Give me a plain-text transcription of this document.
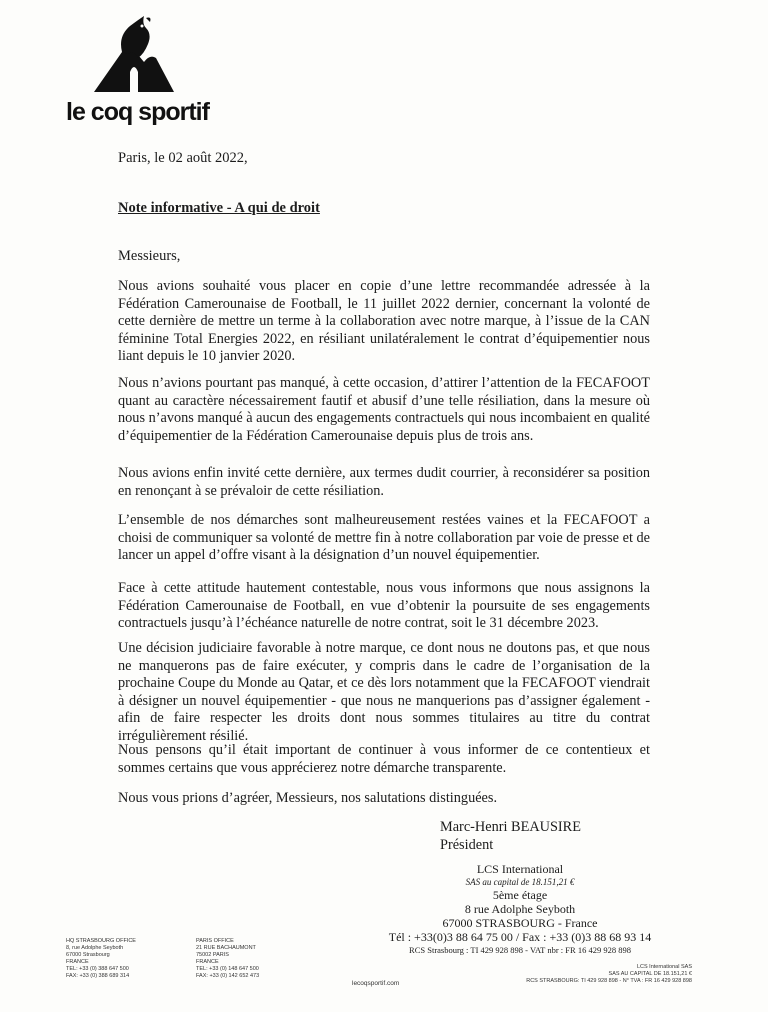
le coq sportif
Paris, le 02 août 2022,
Note informative - A qui de droit
Messieurs,
Nous avions souhaité vous placer en copie d’une lettre recommandée adressée à la Fédération Camerounaise de Football, le 11 juillet 2022 dernier, concernant la volonté de cette dernière de mettre un terme à la collaboration avec notre marque, à l’issue de la CAN féminine Total Energies 2022, en résiliant unilatéralement le contrat d’équipementier nous liant depuis le 10 janvier 2020.
Nous n’avions pourtant pas manqué, à cette occasion, d’attirer l’attention de la FECAFOOT quant au caractère nécessairement fautif et abusif d’une telle résiliation, dans la mesure où nous n’avons manqué à aucun des engagements contractuels qui nous incombaient en qualité d’équipementier de la Fédération Camerounaise depuis plus de trois ans.
Nous avions enfin invité cette dernière, aux termes dudit courrier, à reconsidérer sa position en renonçant à se prévaloir de cette résiliation.
L’ensemble de nos démarches sont malheureusement restées vaines et la FECAFOOT a choisi de communiquer sa volonté de mettre fin à notre collaboration par voie de presse et de lancer un appel d’offre visant à la désignation d’un nouvel équipementier.
Face à cette attitude hautement contestable, nous vous informons que nous assignons la Fédération Camerounaise de Football, en vue d’obtenir la poursuite de ses engagements contractuels jusqu’à l’échéance naturelle de notre contrat, soit le 31 décembre 2023.
Une décision judiciaire favorable à notre marque, ce dont nous ne doutons pas, et que nous ne manquerons pas de faire exécuter, y compris dans le cadre de l’organisation de la prochaine Coupe du Monde au Qatar, et ce dès lors notamment que la FECAFOOT viendrait à désigner un nouvel équipementier - que nous ne manquerions pas d’assigner également - afin de faire respecter les droits dont nous sommes titulaires au titre du contrat irrégulièrement résilié.
Nous pensons qu’il était important de continuer à vous informer de ce contentieux et sommes certains que vous apprécierez notre démarche transparente.
Nous vous prions d’agréer, Messieurs, nos salutations distinguées.
Marc-Henri BEAUSIRE
Président
LCS International
SAS au capital de 18.151,21 €
5ème étage
8 rue Adolphe Seyboth
67000 STRASBOURG - France
Tél : +33(0)3 88 64 75 00 / Fax : +33 (0)3 88 68 93 14
RCS Strasbourg : TI 429 928 898 - VAT nbr : FR 16 429 928 898
HQ STRASBOURG OFFICE
8, rue Adolphe Seyboth
67000 Strasbourg
FRANCE
TEL: +33 (0) 388 647 500
FAX: +33 (0) 388 689 314
PARIS OFFICE
21 RUE BACHAUMONT
75002 PARIS
FRANCE
TEL: +33 (0) 148 647 500
FAX: +33 (0) 142 652 473
LCS International SAS
SAS AU CAPITAL DE 18.151,21 €
RCS STRASBOURG: TI 429 928 898 - N° TVA : FR 16 429 928 898
lecoqsportif.com
